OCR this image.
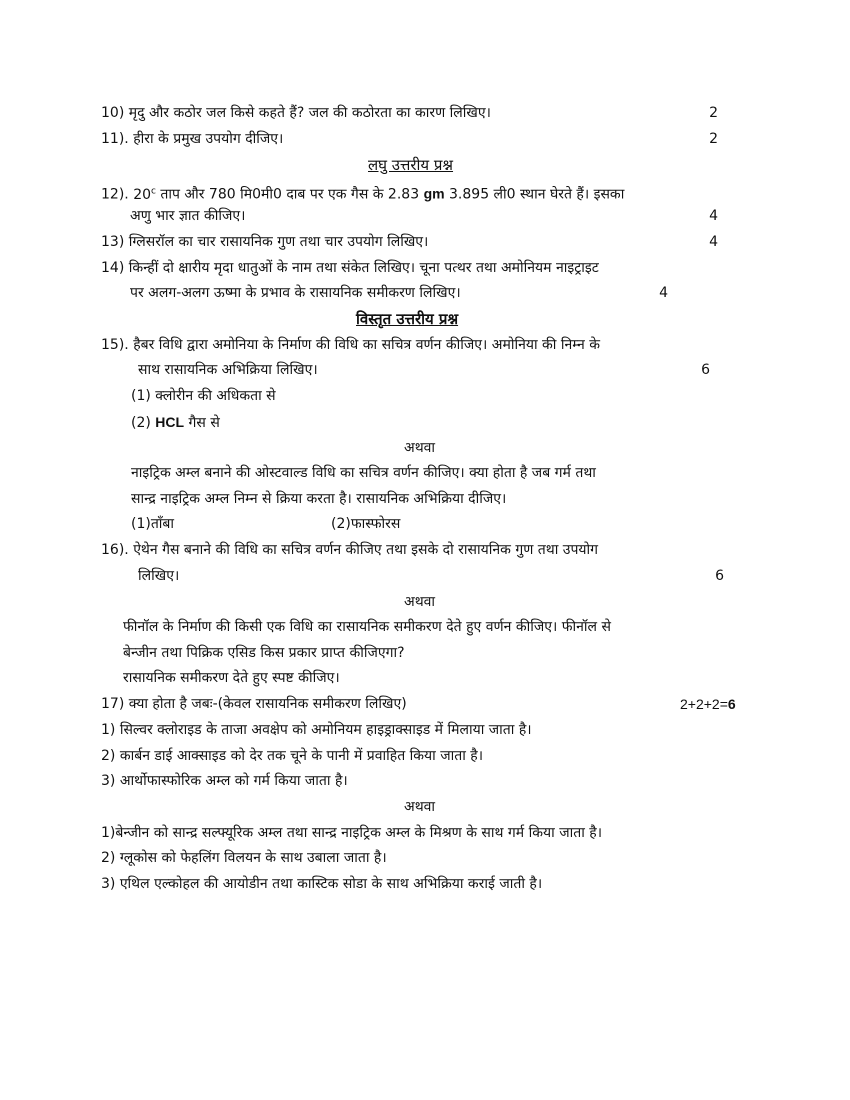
10) मृदु और कठोर जल किसे कहते हैं? जल की कठोरता का कारण लिखिए।	2
11). हीरा के प्रमुख उपयोग दीजिए।	2
लघु उत्तरीय प्रश्न
12). 20$^c$ ताप और 780 मि0मी0 दाब पर एक गैस के 2.83 gm 3.895 ली0 स्थान घेरते हैं। इसका
अणु भार ज्ञात कीजिए।	4
13) ग्लिसरॉल का चार रासायनिक गुण तथा चार उपयोग लिखिए।	4
14) किन्हीं दो क्षारीय मृदा धातुओं के नाम तथा संकेत लिखिए। चूना पत्थर तथा अमोनियम नाइट्राइट
पर अलग-अलग ऊष्मा के प्रभाव के रासायनिक समीकरण लिखिए।	4
विस्तृत उत्तरीय प्रश्न
15). हैबर विधि द्वारा अमोनिया के निर्माण की विधि का सचित्र वर्णन कीजिए। अमोनिया की निम्न के
साथ रासायनिक अभिक्रिया लिखिए।	6
(1) क्लोरीन की अधिकता से
(2) HCL गैस से
अथवा
नाइट्रिक अम्ल बनाने की ओस्टवाल्ड विधि का सचित्र वर्णन कीजिए। क्या होता है जब गर्म तथा
सान्द्र नाइट्रिक अम्ल निम्न से क्रिया करता है। रासायनिक अभिक्रिया दीजिए।
(1)ताँबा	(2)फास्फोरस
16). ऐथेन गैस बनाने की विधि का सचित्र वर्णन कीजिए तथा इसके दो रासायनिक गुण तथा उपयोग
लिखिए।	6
अथवा
फीनॉल के निर्माण की किसी एक विधि का रासायनिक समीकरण देते हुए वर्णन कीजिए। फीनॉल से
बेन्जीन तथा पिक्रिक एसिड किस प्रकार प्राप्त कीजिएगा?
रासायनिक समीकरण देते हुए स्पष्ट कीजिए।
17) क्या होता है जबः-(केवल रासायनिक समीकरण लिखिए)	2+2+2=6
1) सिल्वर क्लोराइड के ताजा अवक्षेप को अमोनियम हाइड्राक्साइड में मिलाया जाता है।
2) कार्बन डाई आक्साइड को देर तक चूने के पानी में प्रवाहित किया जाता है।
3) आर्थोफास्फोरिक अम्ल को गर्म किया जाता है।
अथवा
1)बेन्जीन को सान्द्र सल्फ्यूरिक अम्ल तथा सान्द्र नाइट्रिक अम्ल के मिश्रण के साथ गर्म किया जाता है।
2) ग्लूकोस को फेहलिंग विलयन के साथ उबाला जाता है।
3) एथिल एल्कोहल की आयोडीन तथा कास्टिक सोडा के साथ अभिक्रिया कराई जाती है।
